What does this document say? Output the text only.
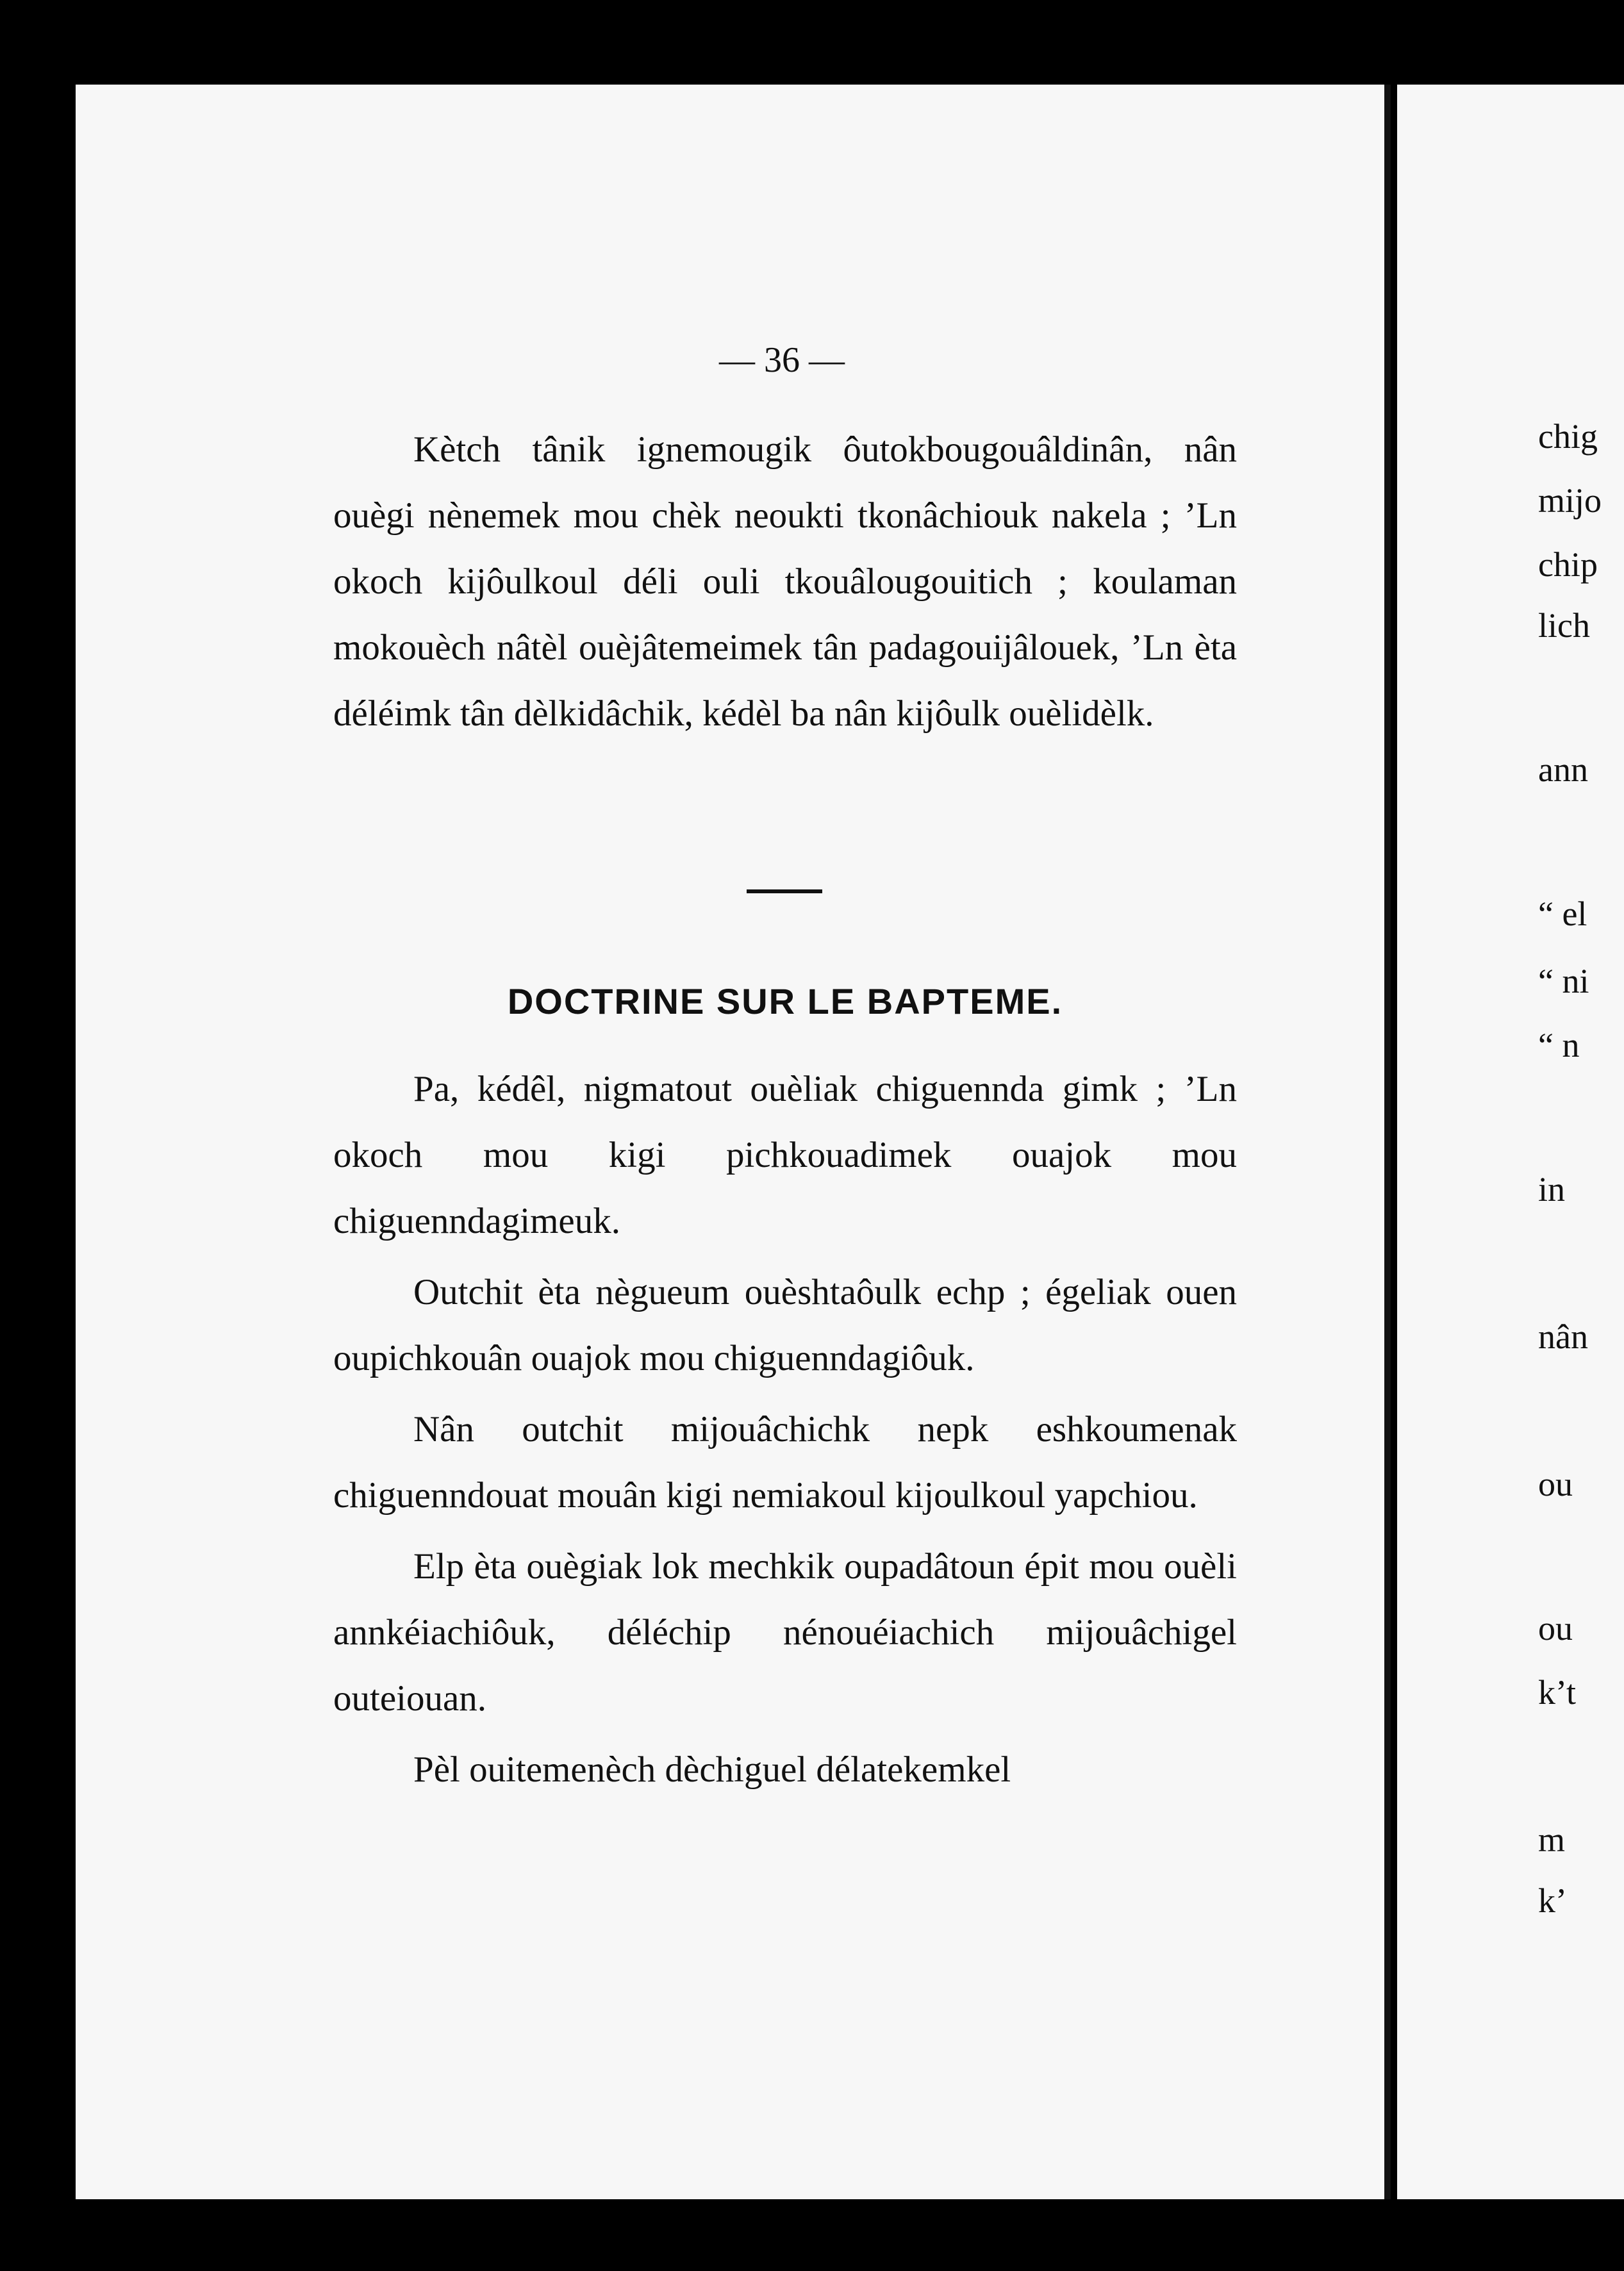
— 36 —

Kètch tânik ignemougik ôutokbougouâldinân, nân ouègi nènemek mou chèk neoukti tkonâchiouk nakela ; ’Ln okoch kijôulkoul déli ouli tkouâlougouitich ; koulaman mokouèch nâtèl ouèjâtemeimek tân padagouijâlouek, ’Ln èta déléimk tân dèlkidâchik, kédèl ba nân kijôulk ouèlidèlk.

DOCTRINE SUR LE BAPTEME.

Pa, kédêl, nigmatout ouèliak chiguennda gimk ; ’Ln okoch mou kigi pichkouadimek ouajok mou chiguenndagimeuk.

Outchit èta nègueum ouèshtaôulk echp ; égeliak ouen oupichkouân ouajok mou chiguenndagiôuk.

Nân outchit mijouâchichk nepk eshkoumenak chiguenndouat mouân kigi nemiakoul kijoulkoul yapchiou.

Elp èta ouègiak lok mechkik oupadâtoun épit mou ouèli annkéiachiôuk, déléchip nénouéiachich mijouâchigel outeiouan.

Pèl ouitemenèch dèchiguel délatekemkel

chig
mijo
chip
lich
ann
“ el
“ ni
“ n
in
nân
ou
ou
k’t
m
k’
